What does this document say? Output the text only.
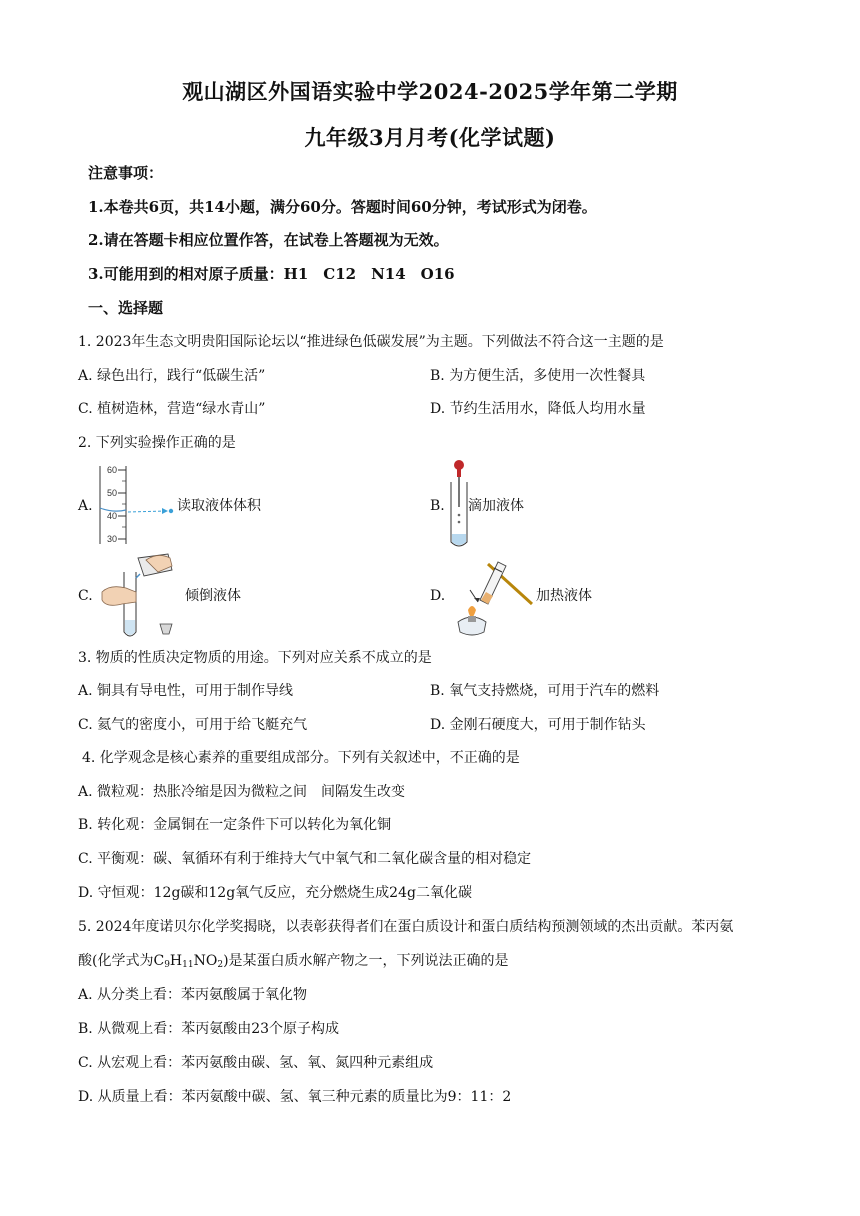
观山湖区外国语实验中学2024-2025学年第二学期
九年级3月月考(化学试题)
注意事项：
1.本卷共6页，共14小题，满分60分。答题时间60分钟，考试形式为闭卷。
2.请在答题卡相应位置作答，在试卷上答题视为无效。
3.可能用到的相对原子质量：H1　C12　N14　O16
一、选择题
1. 2023年生态文明贵阳国际论坛以“推进绿色低碳发展”为主题。下列做法不符合这一主题的是
A. 绿色出行，践行“低碳生活”	B. 为方便生活，多使用一次性餐具
C. 植树造林，营造“绿水青山”	D. 节约生活用水，降低人均用水量
2. 下列实验操作正确的是
A.
60
50
40
30
读取液体体积	B. 滴加液体
C.	倾倒液体	D.	加热液体
3. 物质的性质决定物质的用途。下列对应关系不成立的是
A. 铜具有导电性，可用于制作导线	B. 氧气支持燃烧，可用于汽车的燃料
C. 氦气的密度小，可用于给飞艇充气	D. 金刚石硬度大，可用于制作钻头
4. 化学观念是核心素养的重要组成部分。下列有关叙述中，不正确的是
A. 微粒观：热胀冷缩是因为微粒之间　间隔发生改变
B. 转化观：金属铜在一定条件下可以转化为氧化铜
C. 平衡观：碳、氧循环有利于维持大气中氧气和二氧化碳含量的相对稳定
D. 守恒观：12g碳和12g氧气反应，充分燃烧生成24g二氧化碳
5. 2024年度诺贝尔化学奖揭晓，以表彰获得者们在蛋白质设计和蛋白质结构预测领域的杰出贡献。苯丙氨
酸(化学式为$C_9H_{11}NO_2$)是某蛋白质水解产物之一，下列说法正确的是
A. 从分类上看：苯丙氨酸属于氧化物
B. 从微观上看：苯丙氨酸由23个原子构成
C. 从宏观上看：苯丙氨酸由碳、氢、氧、氮四种元素组成
D. 从质量上看：苯丙氨酸中碳、氢、氧三种元素的质量比为9：11：2
